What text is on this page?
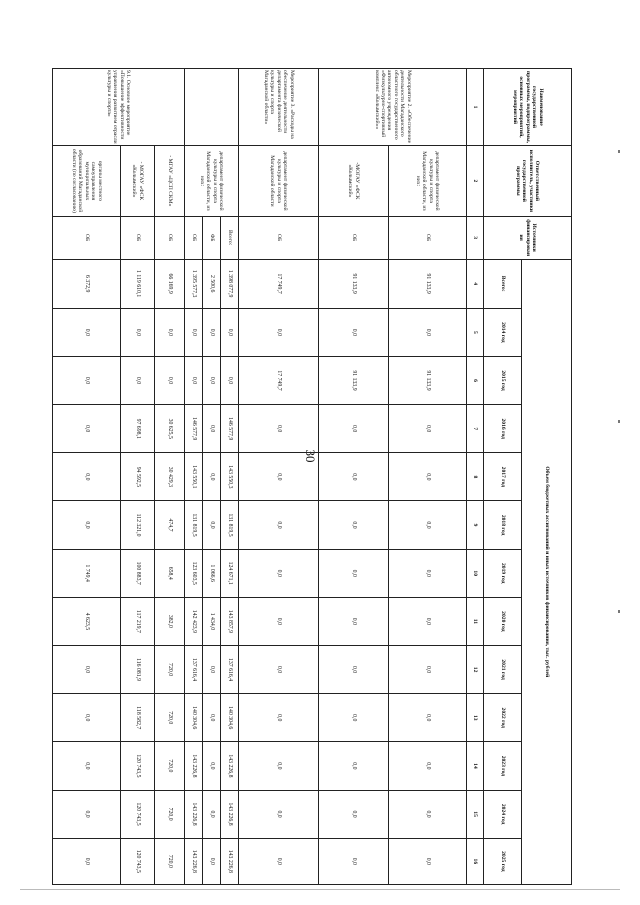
30
Наименование государственной программы, подпрограммы, основных мероприятий, мероприятий	Ответственный исполнитель, участники государственной программы	Источники финансирования	Объем бюджетных ассигнований и иных источников финансирования, тыс. рублей												
			Всего:	2014 год	2015 год	2016 год	2017 год	2018 год	2019 год	2020 год	2021 год	2022 год	2023 год	2024 год	2025 год
1	2	3	4	5	6	7	8	9	10	11	12	13	14	15	16
Мероприятие 2. «Обеспечение деятельности Магаданского областного государственного автономного учреждения «Физкультурно-спортивный комплекс «Колымский»»	департамент физической культуры и спорта Магаданской области, из них:	ОБ	91 133,9	0,0	91 133,9	0,0	0,0	0,0	0,0	0,0	0,0	0,0	0,0	0,0	0,0
	-МОГАУ «ФСК «Колымский»	ОБ	91 133,9	0,0	91 133,9	0,0	0,0	0,0	0,0	0,0	0,0	0,0	0,0	0,0	0,0
Мероприятие 3. «Расходы на обеспечение деятельности департамента физической культуры и спорта Магаданской области»	департамент физической культуры и спорта Магаданской области	ОБ	17 749,7	0,0	17 749,7	0,0	0,0	0,0	0,0	0,0	0,0	0,0	0,0	0,0	0,0
	департамент физической культуры и спорта Магаданской области, из них:	Всего:	1 398 077,9	0,0	0,0	146 577,9	143 550,3	131 819,5	124 671,1	143 857,9	137 616,4	140 304,6	143 226,8	143 226,8	143 226,8
		ФБ	2 500,6	0,0	0,0	0,0	0,0	0,0	1 066,6	1 434,0	0,0	0,0	0,0	0,0	0,0
		ОБ	1 395 577,3	0,0	0,0	146 577,9	143 550,1	131 819,5	123 603,5	142 423,9	137 616,4	140 304,6	143 226,8	143 226,8	143 226,8
9.1. Основное мероприятие «Повышение эффективности управления развитием отрасли культуры и спорта»	- МГАУ «ЦСП СКМ»	ОБ	66 169,9	0,0	0,0	30 625,5	30 429,3	474,7	658,4	382,0	720,0	720,0	720,0	720,0	720,0
	- МОГАУ «ФСК «Колымский»	ОБ	1 119 610,1	0,0	0,0	97 698,1	94 592,5	112 321,0	100 883,7	117 219,7	116 081,9	118 582,7	120 743,5	120 743,5	120 743,5
	органы местного самоуправления муниципальных образований Магаданской области (по согласованию)	ОБ	6 372,9	0,0	0,0	0,0	0,0	0,0	1 749,4	4 623,5	0,0	0,0	0,0	0,0	0,0
